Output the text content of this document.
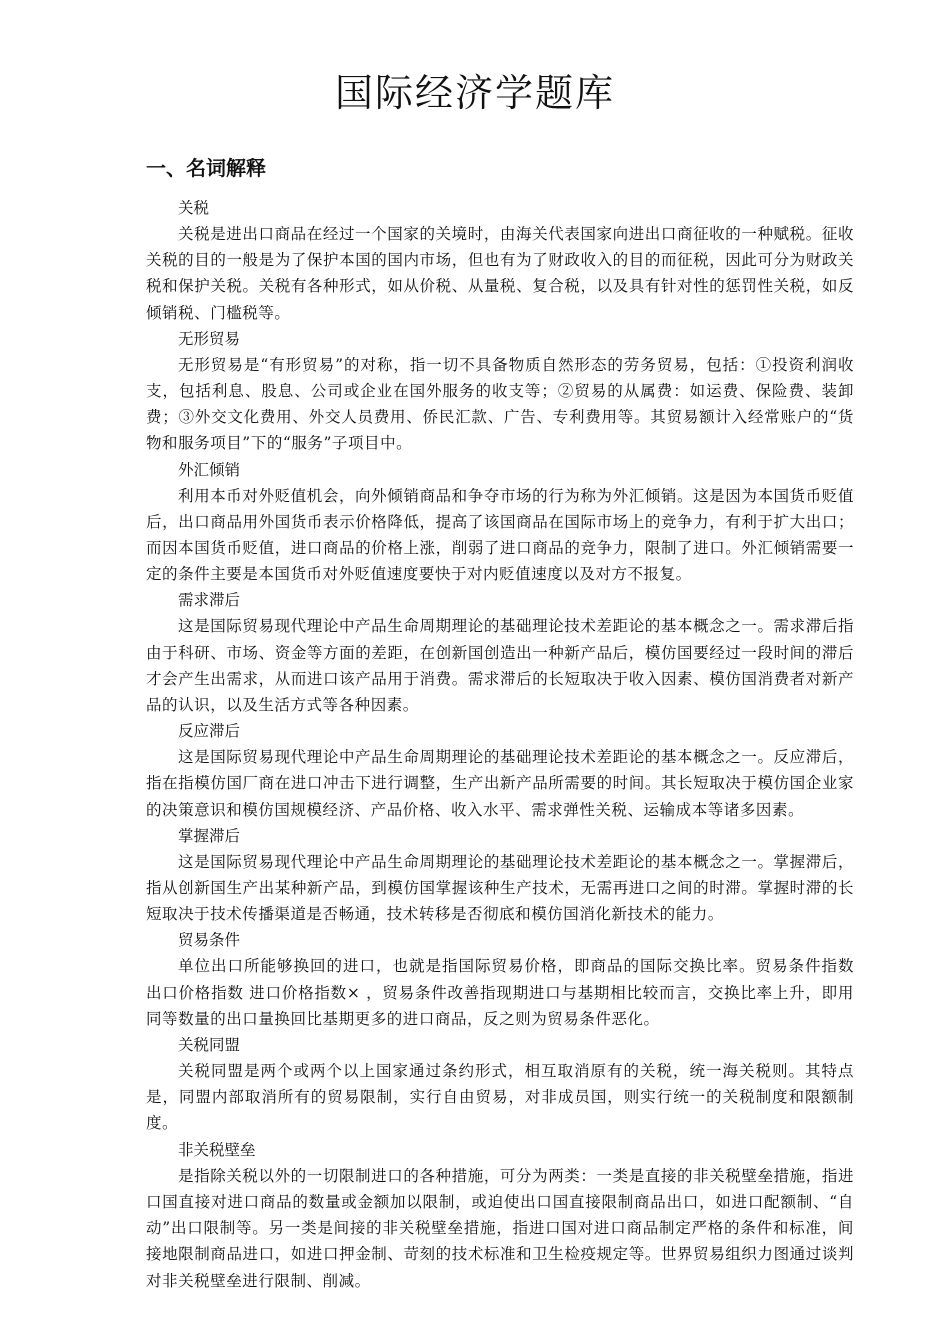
国际经济学题库
一、名词解释

关税

关税是进出口商品在经过一个国家的关境时，由海关代表国家向进出口商征收的一种赋税。征收关税的目的一般是为了保护本国的国内市场，但也有为了财政收入的目的而征税，因此可分为财政关税和保护关税。关税有各种形式，如从价税、从量税、复合税，以及具有针对性的惩罚性关税，如反倾销税、门槛税等。

无形贸易

无形贸易是“有形贸易”的对称，指一切不具备物质自然形态的劳务贸易，包括：①投资利润收支，包括利息、股息、公司或企业在国外服务的收支等；②贸易的从属费：如运费、保险费、装卸费；③外交文化费用、外交人员费用、侨民汇款、广告、专利费用等。其贸易额计入经常账户的“货物和服务项目”下的“服务”子项目中。

外汇倾销

利用本币对外贬值机会，向外倾销商品和争夺市场的行为称为外汇倾销。这是因为本国货币贬值后，出口商品用外国货币表示价格降低，提高了该国商品在国际市场上的竞争力，有利于扩大出口；而因本国货币贬值，进口商品的价格上涨，削弱了进口商品的竞争力，限制了进口。外汇倾销需要一定的条件主要是本国货币对外贬值速度要快于对内贬值速度以及对方不报复。

需求滞后

这是国际贸易现代理论中产品生命周期理论的基础理论技术差距论的基本概念之一。需求滞后指由于科研、市场、资金等方面的差距，在创新国创造出一种新产品后，模仿国要经过一段时间的滞后才会产生出需求，从而进口该产品用于消费。需求滞后的长短取决于收入因素、模仿国消费者对新产品的认识，以及生活方式等各种因素。

反应滞后

这是国际贸易现代理论中产品生命周期理论的基础理论技术差距论的基本概念之一。反应滞后，指在指模仿国厂商在进口冲击下进行调整，生产出新产品所需要的时间。其长短取决于模仿国企业家的决策意识和模仿国规模经济、产品价格、收入水平、需求弹性关税、运输成本等诸多因素。

掌握滞后

这是国际贸易现代理论中产品生命周期理论的基础理论技术差距论的基本概念之一。掌握滞后，指从创新国生产出某种新产品，到模仿国掌握该种生产技术，无需再进口之间的时滞。掌握时滞的长短取决于技术传播渠道是否畅通，技术转移是否彻底和模仿国消化新技术的能力。

贸易条件

单位出口所能够换回的进口，也就是指国际贸易价格，即商品的国际交换比率。贸易条件指数 出口价格指数 进口价格指数× ，贸易条件改善指现期进口与基期相比较而言，交换比率上升，即用同等数量的出口量换回比基期更多的进口商品，反之则为贸易条件恶化。

关税同盟

关税同盟是两个或两个以上国家通过条约形式，相互取消原有的关税，统一海关税则。其特点是，同盟内部取消所有的贸易限制，实行自由贸易，对非成员国，则实行统一的关税制度和限额制度。

非关税壁垒

是指除关税以外的一切限制进口的各种措施，可分为两类：一类是直接的非关税壁垒措施，指进口国直接对进口商品的数量或金额加以限制，或迫使出口国直接限制商品出口，如进口配额制、“自动”出口限制等。另一类是间接的非关税壁垒措施，指进口国对进口商品制定严格的条件和标准，间接地限制商品进口，如进口押金制、苛刻的技术标准和卫生检疫规定等。世界贸易组织力图通过谈判对非关税壁垒进行限制、削减。
